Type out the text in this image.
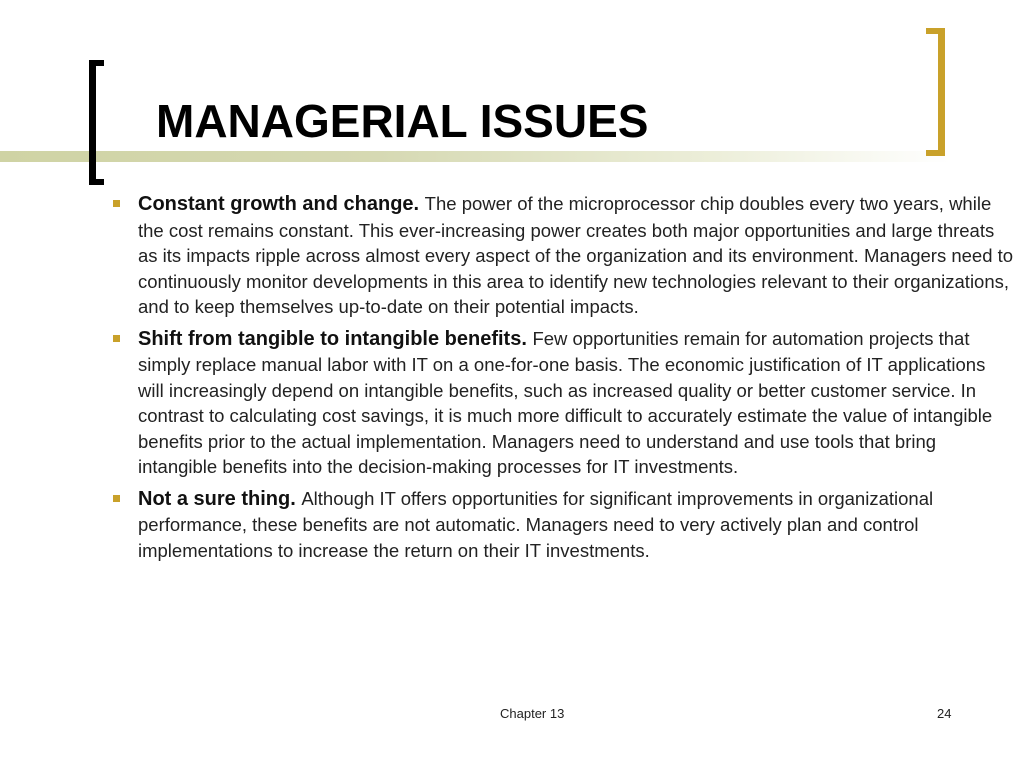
MANAGERIAL ISSUES
Constant growth and change. The power of the microprocessor chip doubles every two years, while the cost remains constant. This ever-increasing power creates both major opportunities and large threats as its impacts ripple across almost every aspect of the organization and its environment. Managers need to continuously monitor developments in this area to identify new technologies relevant to their organizations, and to keep themselves up-to-date on their potential impacts.
Shift from tangible to intangible benefits. Few opportunities remain for automation projects that simply replace manual labor with IT on a one-for-one basis. The economic justification of IT applications will increasingly depend on intangible benefits, such as increased quality or better customer service. In contrast to calculating cost savings, it is much more difficult to accurately estimate the value of intangible benefits prior to the actual implementation. Managers need to understand and use tools that bring intangible benefits into the decision-making processes for IT investments.
Not a sure thing. Although IT offers opportunities for significant improvements in organizational performance, these benefits are not automatic. Managers need to very actively plan and control implementations to increase the return on their IT investments.
Chapter 13	24
